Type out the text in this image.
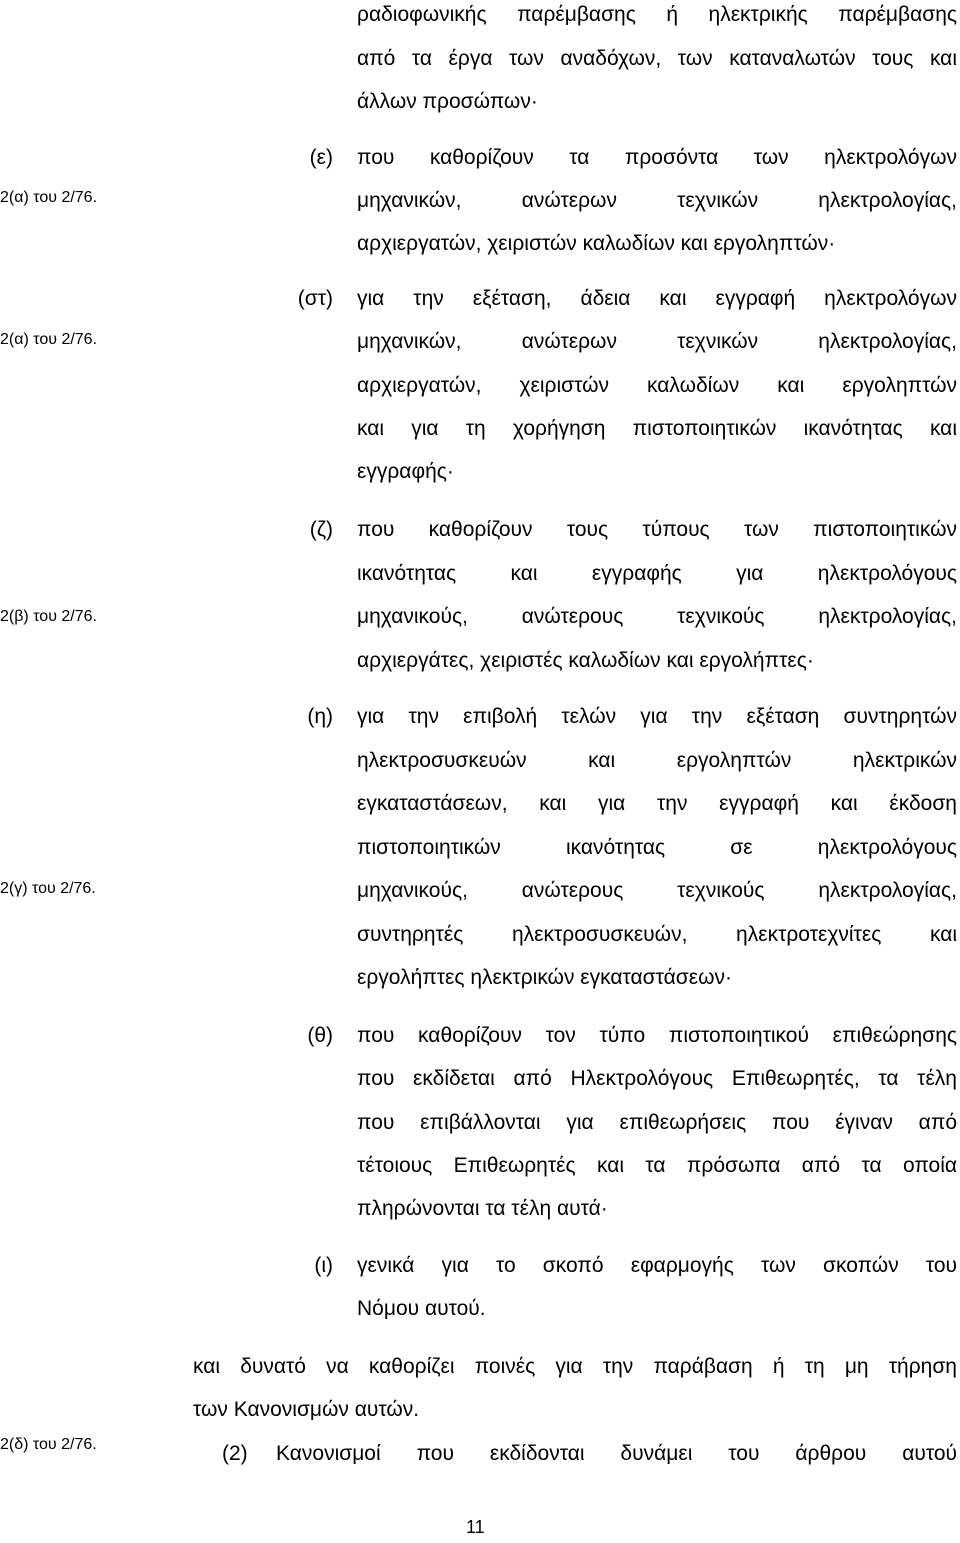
2(α) του 2/76.
2(α) του 2/76.
2(β) του 2/76.
2(γ) του 2/76.
2(δ) του 2/76.
ραδιοφωνικής παρέμβασης ή ηλεκτρικής παρέμβασης
από τα έργα των αναδόχων, των καταναλωτών τους και
άλλων προσώπων·
(ε) που καθορίζουν τα προσόντα των ηλεκτρολόγων
μηχανικών, ανώτερων τεχνικών ηλεκτρολογίας,
αρχιεργατών, χειριστών καλωδίων και εργοληπτών·
(στ) για την εξέταση, άδεια και εγγραφή ηλεκτρολόγων
μηχανικών, ανώτερων τεχνικών ηλεκτρολογίας,
αρχιεργατών, χειριστών καλωδίων και εργοληπτών
και για τη χορήγηση πιστοποιητικών ικανότητας και
εγγραφής·
(ζ) που καθορίζουν τους τύπους των πιστοποιητικών
ικανότητας και εγγραφής για ηλεκτρολόγους
μηχανικούς, ανώτερους τεχνικούς ηλεκτρολογίας,
αρχιεργάτες, χειριστές καλωδίων και εργολήπτες·
(η) για την επιβολή τελών για την εξέταση συντηρητών
ηλεκτροσυσκευών και εργοληπτών ηλεκτρικών
εγκαταστάσεων, και για την εγγραφή και έκδοση
πιστοποιητικών ικανότητας σε ηλεκτρολόγους
μηχανικούς, ανώτερους τεχνικούς ηλεκτρολογίας,
συντηρητές ηλεκτροσυσκευών, ηλεκτροτεχνίτες και
εργολήπτες ηλεκτρικών εγκαταστάσεων·
(θ) που καθορίζουν τον τύπο πιστοποιητικού επιθεώρησης
που εκδίδεται από Ηλεκτρολόγους Επιθεωρητές, τα τέλη
που επιβάλλονται για επιθεωρήσεις που έγιναν από
τέτοιους Επιθεωρητές και τα πρόσωπα από τα οποία
πληρώνονται τα τέλη αυτά·
(ι) γενικά για το σκοπό εφαρμογής των σκοπών του
Νόμου αυτού.
και δυνατό να καθορίζει ποινές για την παράβαση ή τη μη τήρηση
των Κανονισμών αυτών.
(2) Κανονισμοί που εκδίδονται δυνάμει του άρθρου αυτού
11
